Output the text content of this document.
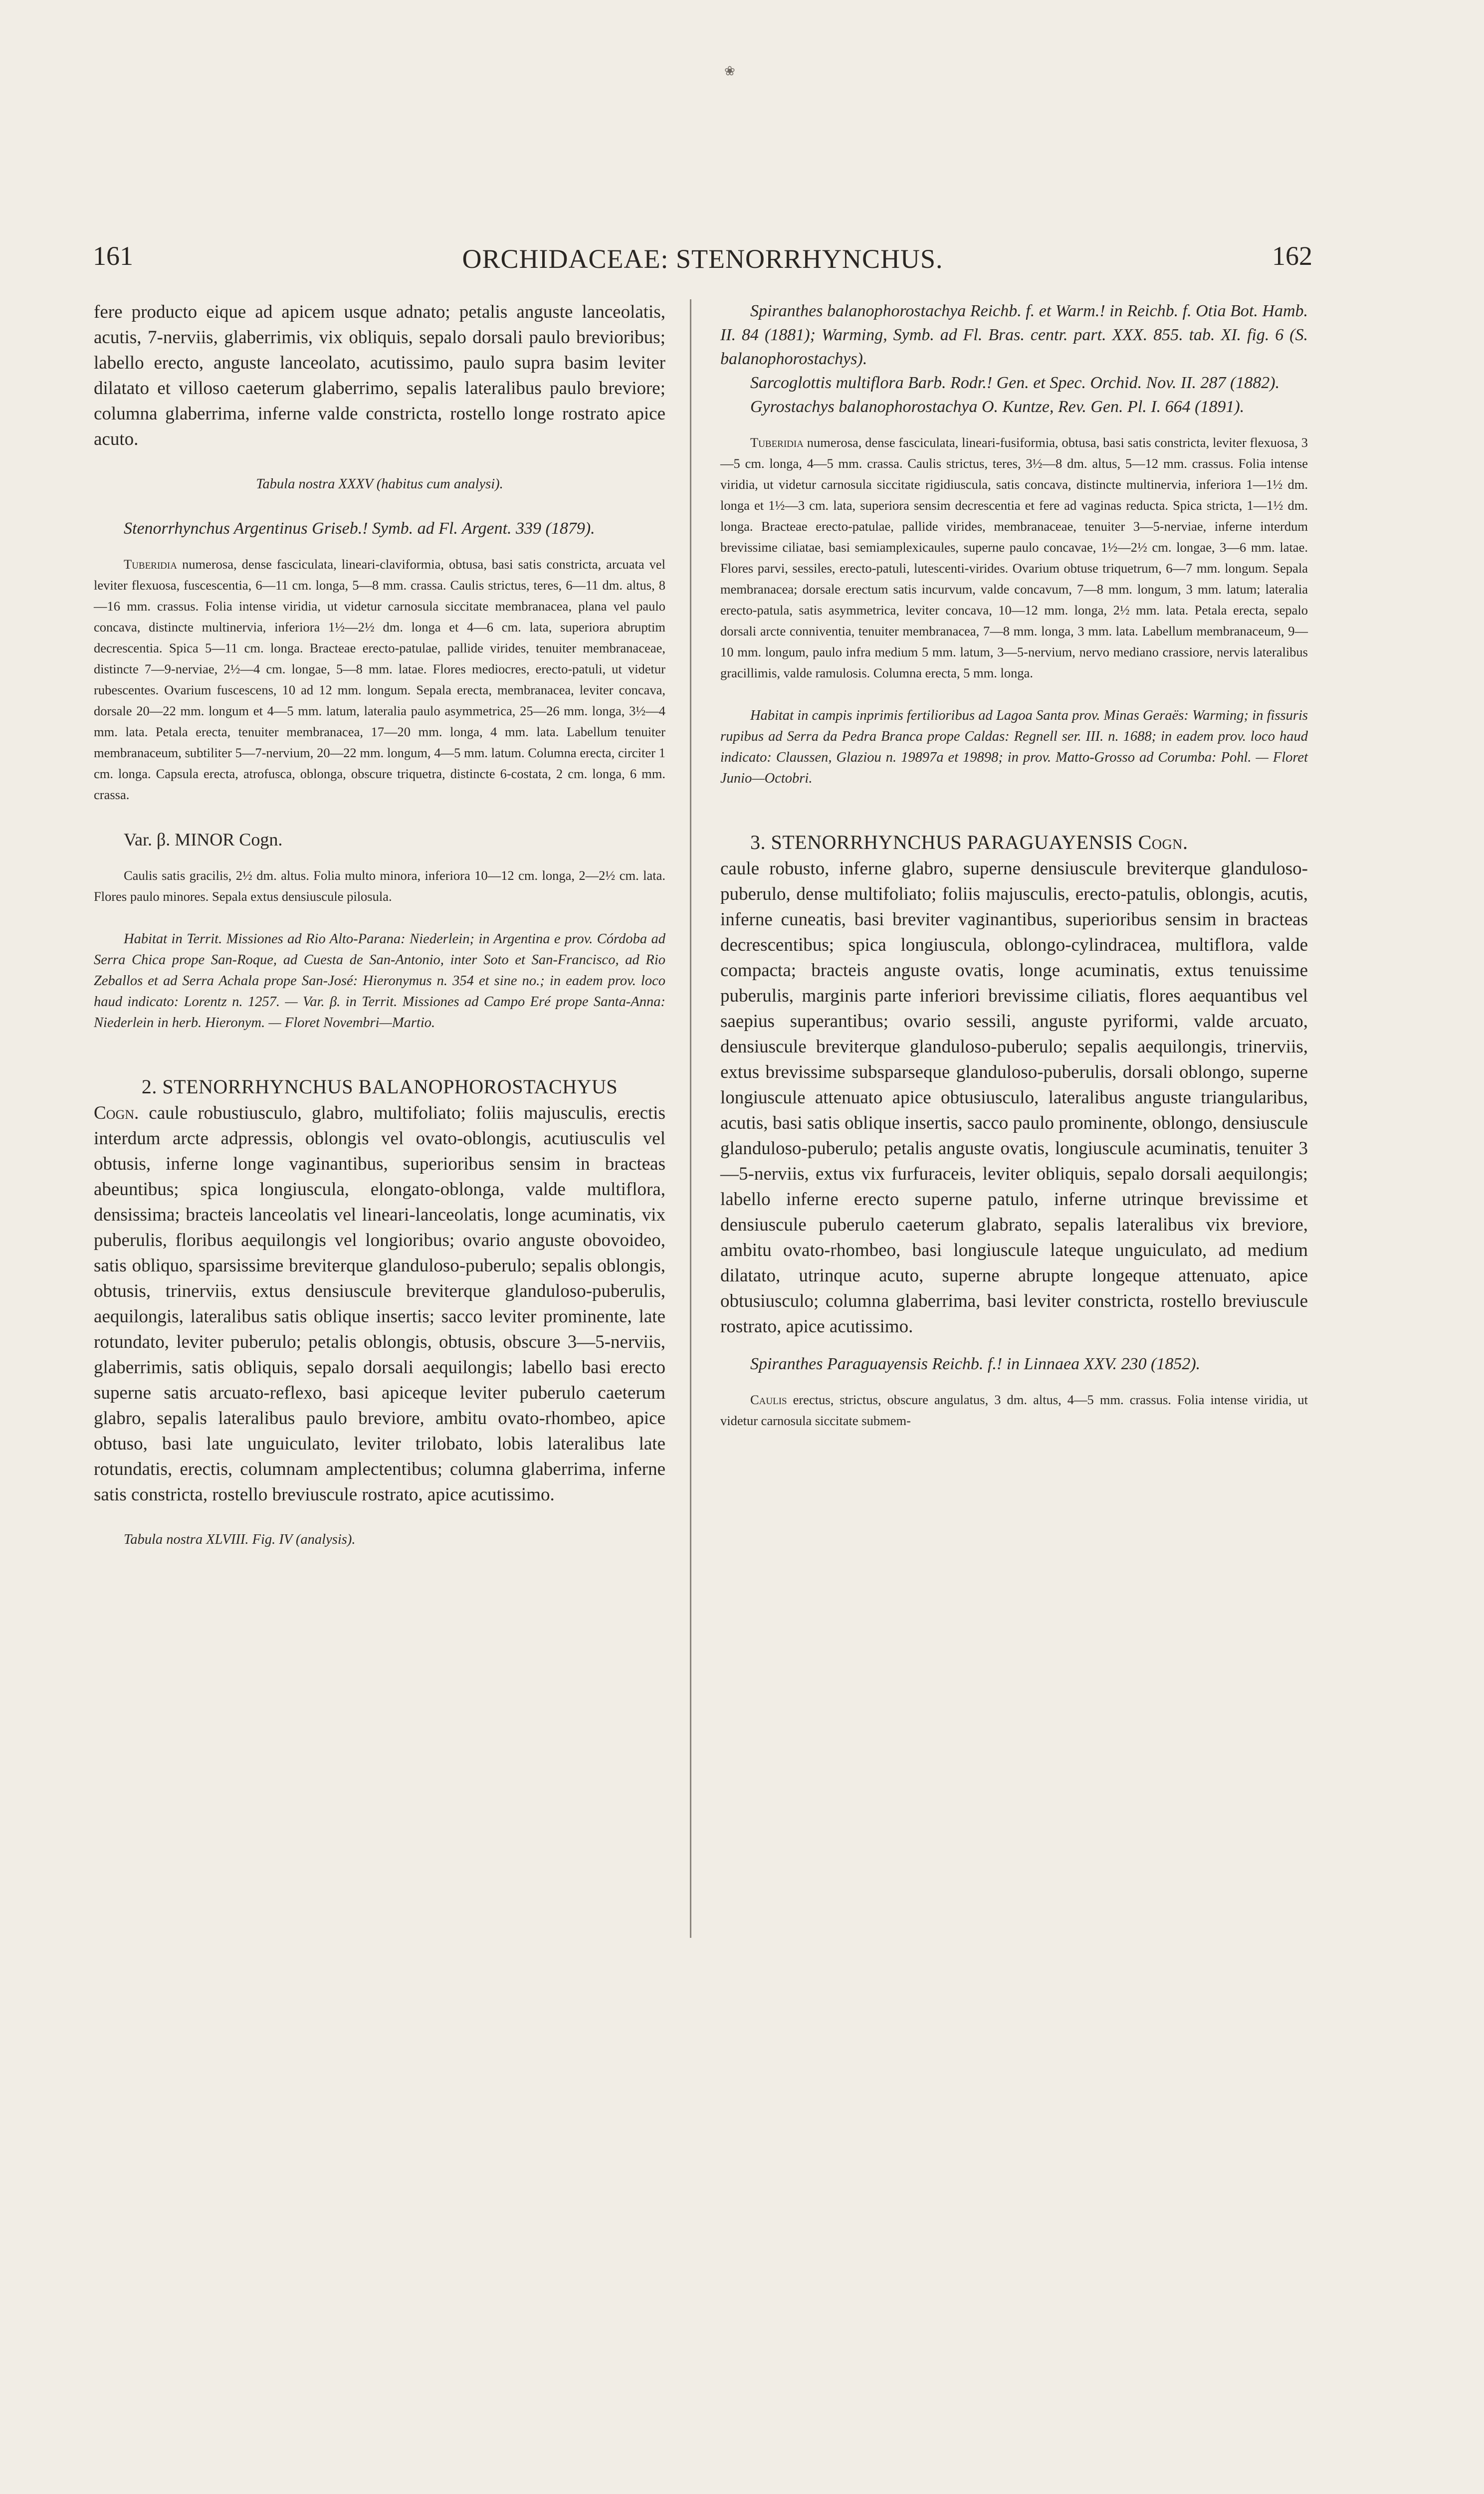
❀
161	ORCHIDACEAE: STENORRHYNCHUS.	162

fere producto eique ad apicem usque adnato; petalis anguste lanceolatis, acutis, 7-nerviis, glaberrimis, vix obliquis, sepalo dorsali paulo brevioribus; labello erecto, anguste lanceolato, acutissimo, paulo supra basim leviter dilatato et villoso caeterum glaberrimo, sepalis lateralibus paulo breviore; columna glaberrima, inferne valde constricta, rostello longe rostrato apice acuto.

Tabula nostra XXXV (habitus cum analysi).

Stenorrhynchus Argentinus Griseb.! Symb. ad Fl. Argent. 339 (1879).

Tuberidia numerosa, dense fasciculata, lineari-claviformia, obtusa, basi satis constricta, arcuata vel leviter flexuosa, fuscescentia, 6—11 cm. longa, 5—8 mm. crassa. Caulis strictus, teres, 6—11 dm. altus, 8—16 mm. crassus. Folia intense viridia, ut videtur carnosula siccitate membranacea, plana vel paulo concava, distincte multinervia, inferiora 1½—2½ dm. longa et 4—6 cm. lata, superiora abruptim decrescentia. Spica 5—11 cm. longa. Bracteae erecto-patulae, pallide virides, tenuiter membranaceae, distincte 7—9-nerviae, 2½—4 cm. longae, 5—8 mm. latae. Flores mediocres, erecto-patuli, ut videtur rubescentes. Ovarium fuscescens, 10 ad 12 mm. longum. Sepala erecta, membranacea, leviter concava, dorsale 20—22 mm. longum et 4—5 mm. latum, lateralia paulo asymmetrica, 25—26 mm. longa, 3½—4 mm. lata. Petala erecta, tenuiter membranacea, 17—20 mm. longa, 4 mm. lata. Labellum tenuiter membranaceum, subtiliter 5—7-nervium, 20—22 mm. longum, 4—5 mm. latum. Columna erecta, circiter 1 cm. longa. Capsula erecta, atrofusca, oblonga, obscure triquetra, distincte 6-costata, 2 cm. longa, 6 mm. crassa.

Var. β. MINOR Cogn.

Caulis satis gracilis, 2½ dm. altus. Folia multo minora, inferiora 10—12 cm. longa, 2—2½ cm. lata. Flores paulo minores. Sepala extus densiuscule pilosula.

Habitat in Territ. Missiones ad Rio Alto-Parana: Niederlein; in Argentina e prov. Córdoba ad Serra Chica prope San-Roque, ad Cuesta de San-Antonio, inter Soto et San-Francisco, ad Rio Zeballos et ad Serra Achala prope San-José: Hieronymus n. 354 et sine no.; in eadem prov. loco haud indicato: Lorentz n. 1257. — Var. β. in Territ. Missiones ad Campo Eré prope Santa-Anna: Niederlein in herb. Hieronym. — Floret Novembri—Martio.

2. STENORRHYNCHUS BALANOPHOROSTACHYUS

Cogn. caule robustiusculo, glabro, multifoliato; foliis majusculis, erectis interdum arcte adpressis, oblongis vel ovato-oblongis, acutiusculis vel obtusis, inferne longe vaginantibus, superioribus sensim in bracteas abeuntibus; spica longiuscula, elongato-oblonga, valde multiflora, densissima; bracteis lanceolatis vel lineari-lanceolatis, longe acuminatis, vix puberulis, floribus aequilongis vel longioribus; ovario anguste obovoideo, satis obliquo, sparsissime breviterque glanduloso-puberulo; sepalis oblongis, obtusis, trinerviis, extus densiuscule breviterque glanduloso-puberulis, aequilongis, lateralibus satis oblique insertis; sacco leviter prominente, late rotundato, leviter puberulo; petalis oblongis, obtusis, obscure 3—5-nerviis, glaberrimis, satis obliquis, sepalo dorsali aequilongis; labello basi erecto superne satis arcuato-reflexo, basi apiceque leviter puberulo caeterum glabro, sepalis lateralibus paulo breviore, ambitu ovato-rhombeo, apice obtuso, basi late unguiculato, leviter trilobato, lobis lateralibus late rotundatis, erectis, columnam amplectentibus; columna glaberrima, inferne satis constricta, rostello breviuscule rostrato, apice acutissimo.

Tabula nostra XLVIII. Fig. IV (analysis).

Spiranthes balanophorostachya Reichb. f. et Warm.! in Reichb. f. Otia Bot. Hamb. II. 84 (1881); Warming, Symb. ad Fl. Bras. centr. part. XXX. 855. tab. XI. fig. 6 (S. balanophorostachys).

Sarcoglottis multiflora Barb. Rodr.! Gen. et Spec. Orchid. Nov. II. 287 (1882).

Gyrostachys balanophorostachya O. Kuntze, Rev. Gen. Pl. I. 664 (1891).

Tuberidia numerosa, dense fasciculata, lineari-fusiformia, obtusa, basi satis constricta, leviter flexuosa, 3—5 cm. longa, 4—5 mm. crassa. Caulis strictus, teres, 3½—8 dm. altus, 5—12 mm. crassus. Folia intense viridia, ut videtur carnosula siccitate rigidiuscula, satis concava, distincte multinervia, inferiora 1—1½ dm. longa et 1½—3 cm. lata, superiora sensim decrescentia et fere ad vaginas reducta. Spica stricta, 1—1½ dm. longa. Bracteae erecto-patulae, pallide virides, membranaceae, tenuiter 3—5-nerviae, inferne interdum brevissime ciliatae, basi semiamplexicaules, superne paulo concavae, 1½—2½ cm. longae, 3—6 mm. latae. Flores parvi, sessiles, erecto-patuli, lutescenti-virides. Ovarium obtuse triquetrum, 6—7 mm. longum. Sepala membranacea; dorsale erectum satis incurvum, valde concavum, 7—8 mm. longum, 3 mm. latum; lateralia erecto-patula, satis asymmetrica, leviter concava, 10—12 mm. longa, 2½ mm. lata. Petala erecta, sepalo dorsali arcte conniventia, tenuiter membranacea, 7—8 mm. longa, 3 mm. lata. Labellum membranaceum, 9—10 mm. longum, paulo infra medium 5 mm. latum, 3—5-nervium, nervo mediano crassiore, nervis lateralibus gracillimis, valde ramulosis. Columna erecta, 5 mm. longa.

Habitat in campis inprimis fertilioribus ad Lagoa Santa prov. Minas Geraës: Warming; in fissuris rupibus ad Serra da Pedra Branca prope Caldas: Regnell ser. III. n. 1688; in eadem prov. loco haud indicato: Claussen, Glaziou n. 19897a et 19898; in prov. Matto-Grosso ad Corumba: Pohl. — Floret Junio—Octobri.

3. STENORRHYNCHUS PARAGUAYENSIS Cogn.

caule robusto, inferne glabro, superne densiuscule breviterque glanduloso-puberulo, dense multifoliato; foliis majusculis, erecto-patulis, oblongis, acutis, inferne cuneatis, basi breviter vaginantibus, superioribus sensim in bracteas decrescentibus; spica longiuscula, oblongo-cylindracea, multiflora, valde compacta; bracteis anguste ovatis, longe acuminatis, extus tenuissime puberulis, marginis parte inferiori brevissime ciliatis, flores aequantibus vel saepius superantibus; ovario sessili, anguste pyriformi, valde arcuato, densiuscule breviterque glanduloso-puberulo; sepalis aequilongis, trinerviis, extus brevissime subsparseque glanduloso-puberulis, dorsali oblongo, superne longiuscule attenuato apice obtusiusculo, lateralibus anguste triangularibus, acutis, basi satis oblique insertis, sacco paulo prominente, oblongo, densiuscule glanduloso-puberulo; petalis anguste ovatis, longiuscule acuminatis, tenuiter 3—5-nerviis, extus vix furfuraceis, leviter obliquis, sepalo dorsali aequilongis; labello inferne erecto superne patulo, inferne utrinque brevissime et densiuscule puberulo caeterum glabrato, sepalis lateralibus vix breviore, ambitu ovato-rhombeo, basi longiuscule lateque unguiculato, ad medium dilatato, utrinque acuto, superne abrupte longeque attenuato, apice obtusiusculo; columna glaberrima, basi leviter constricta, rostello breviuscule rostrato, apice acutissimo.

Spiranthes Paraguayensis Reichb. f.! in Linnaea XXV. 230 (1852).

Caulis erectus, strictus, obscure angulatus, 3 dm. altus, 4—5 mm. crassus. Folia intense viridia, ut videtur carnosula siccitate submem-
